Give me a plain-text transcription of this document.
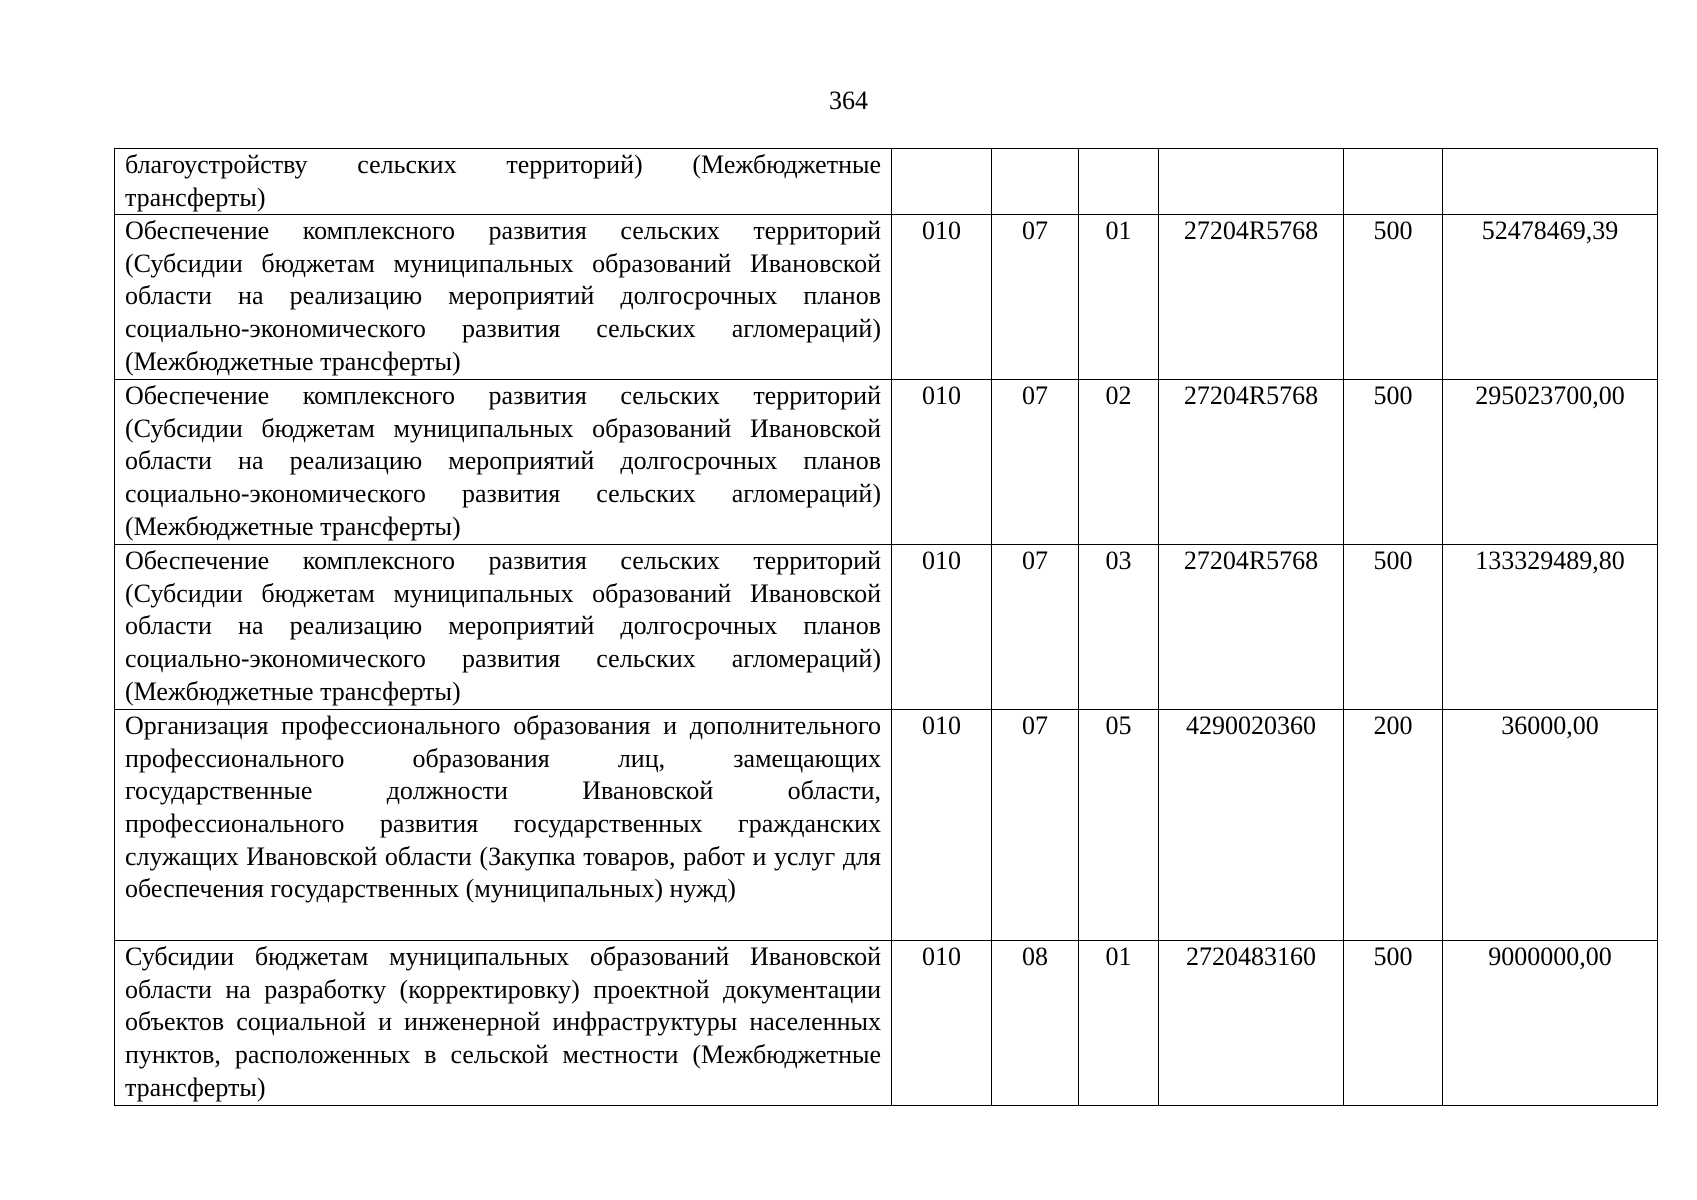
364
благоустройству сельских территорий) (Межбюджетные трансферты)						
Обеспечение комплексного развития сельских территорий (Субсидии бюджетам муниципальных образований Ивановской области на реализацию мероприятий долгосрочных планов социально-экономического развития сельских агломераций) (Межбюджетные трансферты)	010	07	01	27204R5768	500	52478469,39
Обеспечение комплексного развития сельских территорий (Субсидии бюджетам муниципальных образований Ивановской области на реализацию мероприятий долгосрочных планов социально-экономического развития сельских агломераций) (Межбюджетные трансферты)	010	07	02	27204R5768	500	295023700,00
Обеспечение комплексного развития сельских территорий (Субсидии бюджетам муниципальных образований Ивановской области на реализацию мероприятий долгосрочных планов социально-экономического развития сельских агломераций) (Межбюджетные трансферты)	010	07	03	27204R5768	500	133329489,80
Организация профессионального образования и дополнительного профессионального образования лиц, замещающих государственные должности Ивановской области, профессионального развития государственных гражданских служащих Ивановской области (Закупка товаров, работ и услуг для обеспечения государственных (муниципальных) нужд)	010	07	05	4290020360	200	36000,00
Субсидии бюджетам муниципальных образований Ивановской области на разработку (корректировку) проектной документации объектов социальной и инженерной инфраструктуры населенных пунктов, расположенных в сельской местности (Межбюджетные трансферты)	010	08	01	2720483160	500	9000000,00
